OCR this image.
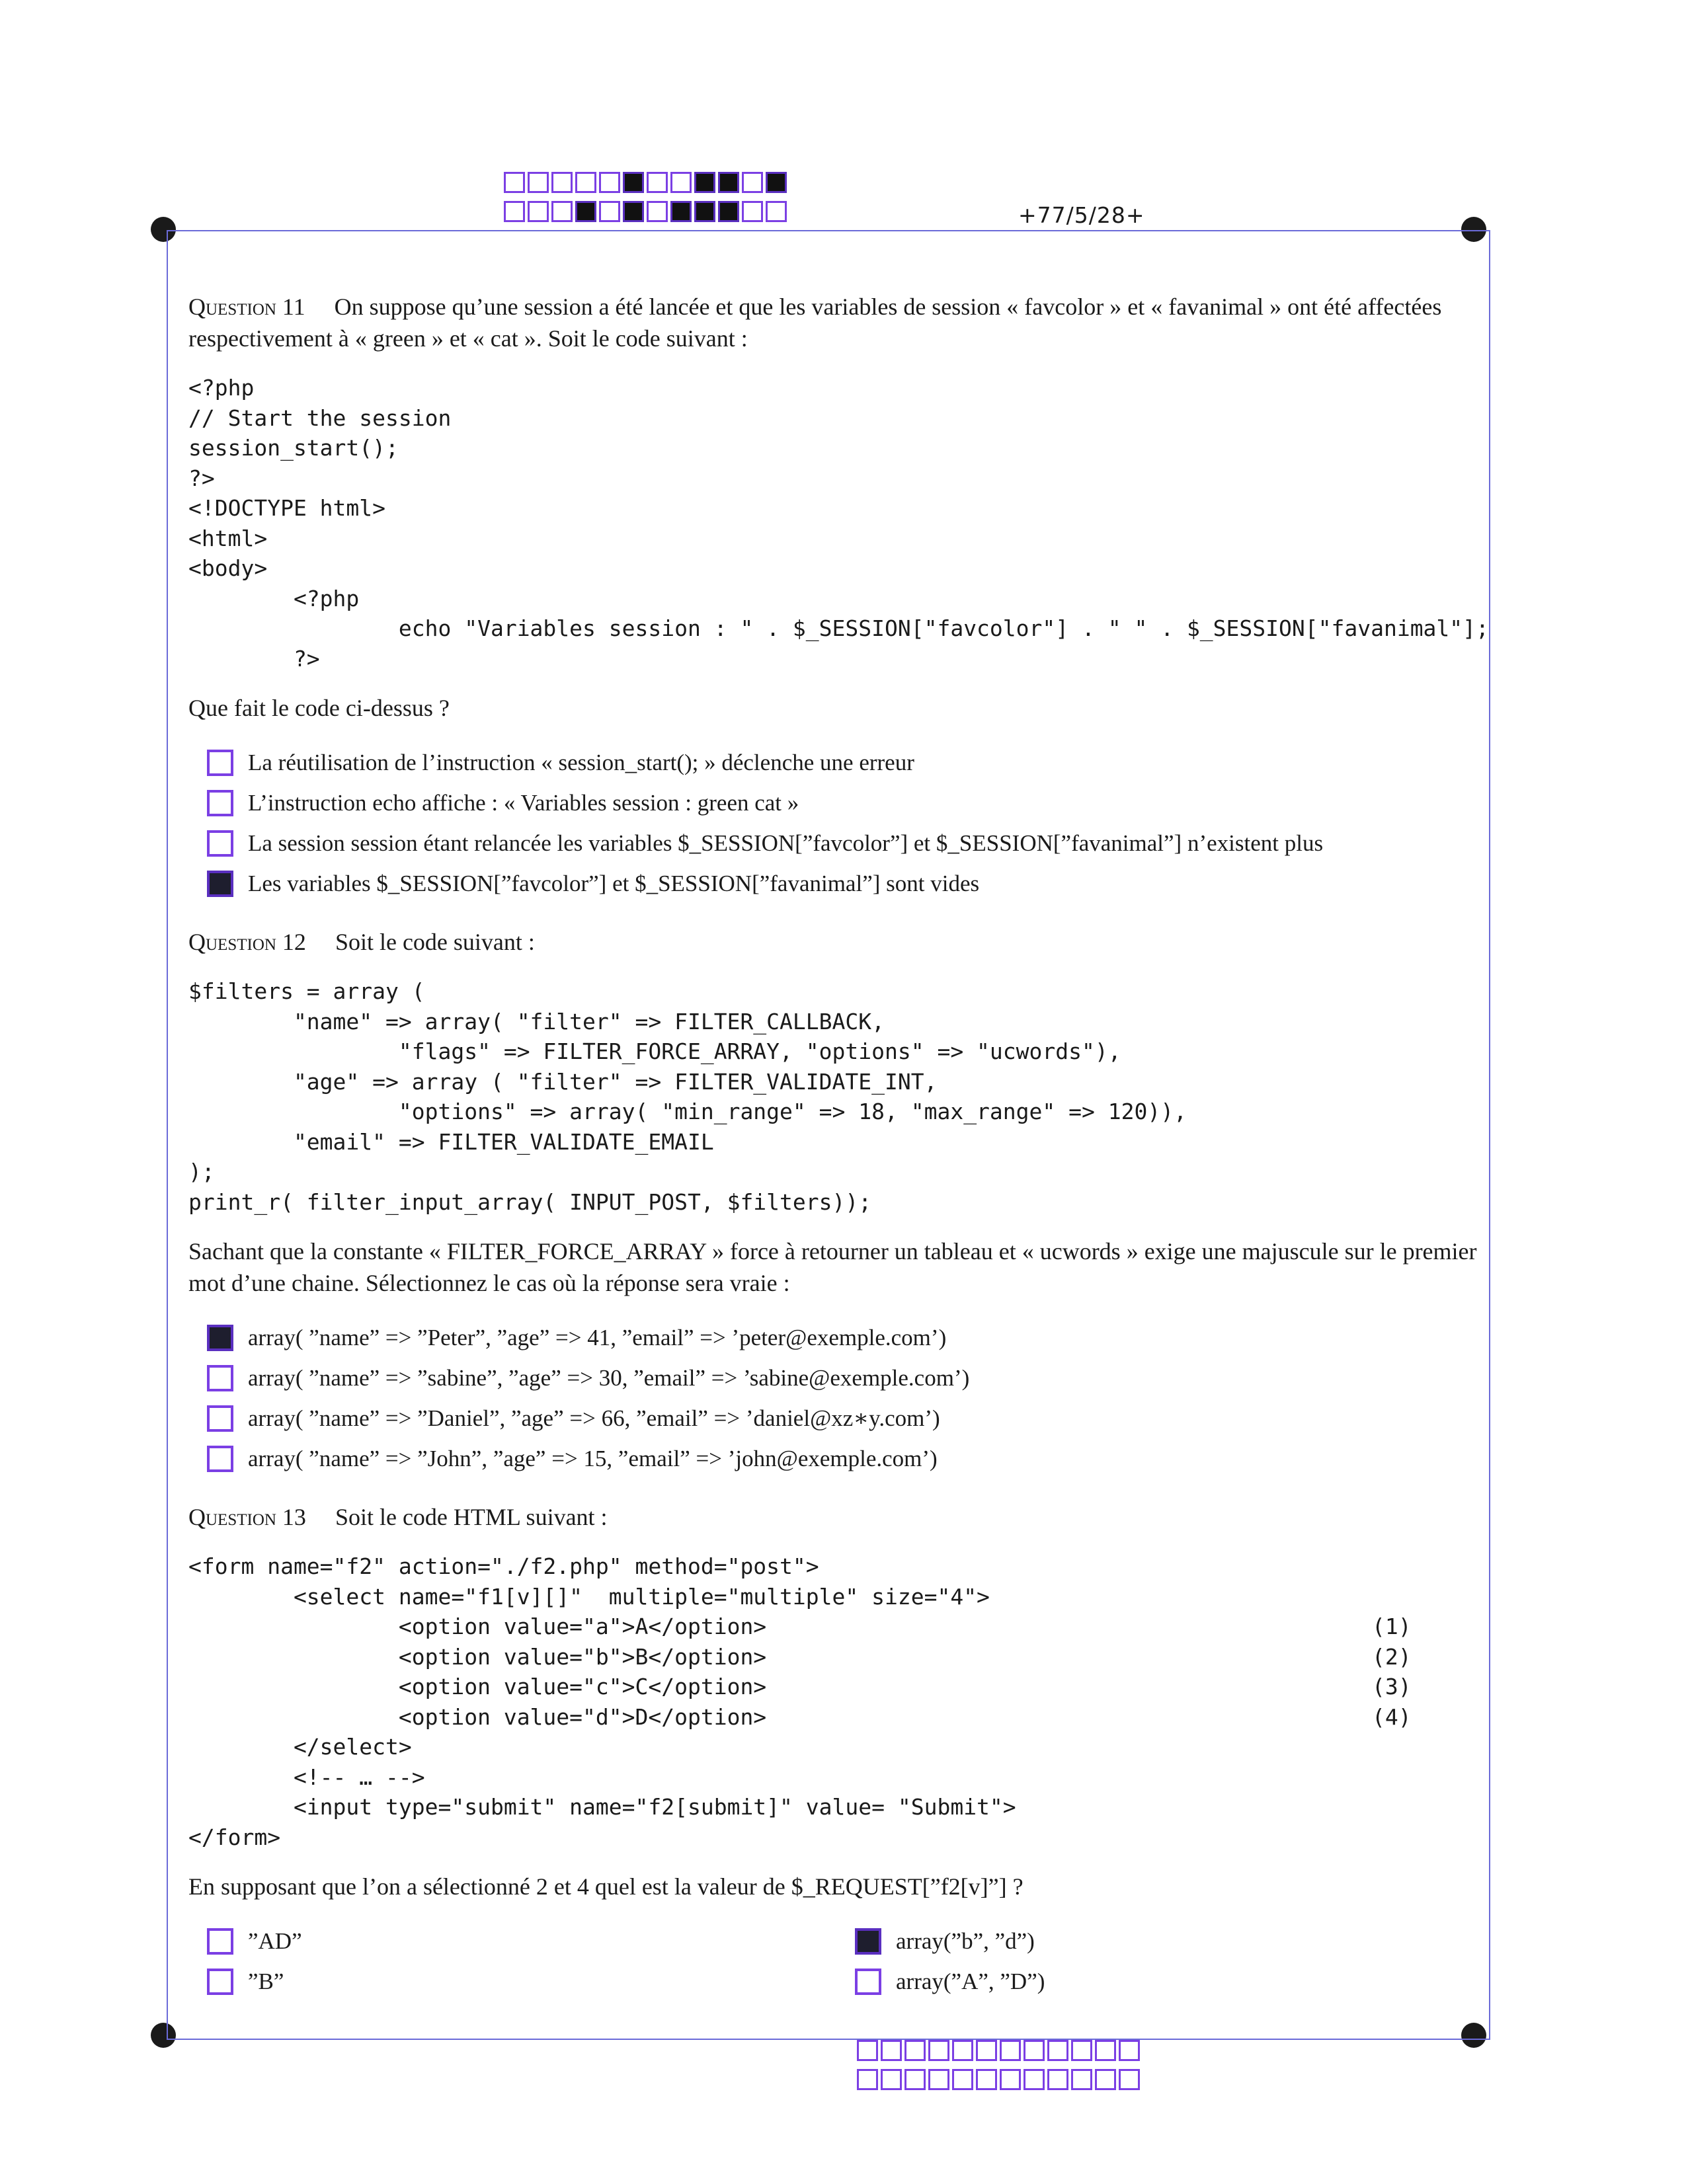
+77/5/28+

Question 11 On suppose qu’une session a été lancée et que les variables de session « favcolor » et « favanimal » ont été affectées respectivement à « green » et « cat ». Soit le code suivant :

<?php
// Start the session
session_start();
?>
<!DOCTYPE html>
<html>
<body>
<?php
echo "Variables session : " . $_SESSION["favcolor"] . " " . $_SESSION["favanimal"];
?>

Que fait le code ci-dessus ?

La réutilisation de l’instruction « session_start(); » déclenche une erreur
L’instruction echo affiche : « Variables session : green cat »
La session session étant relancée les variables $_SESSION[”favcolor”] et $_SESSION[”favanimal”] n’existent plus
Les variables $_SESSION[”favcolor”] et $_SESSION[”favanimal”] sont vides

Question 12 Soit le code suivant :

$filters = array (
"name" => array( "filter" => FILTER_CALLBACK,
"flags" => FILTER_FORCE_ARRAY, "options" => "ucwords"),
"age" => array ( "filter" => FILTER_VALIDATE_INT,
"options" => array( "min_range" => 18, "max_range" => 120)),
"email" => FILTER_VALIDATE_EMAIL
);
print_r( filter_input_array( INPUT_POST, $filters));

Sachant que la constante « FILTER_FORCE_ARRAY » force à retourner un tableau et « ucwords » exige une majuscule sur le premier mot d’une chaine. Sélectionnez le cas où la réponse sera vraie :

array( ”name” => ”Peter”, ”age” => 41, ”email” => ’peter@exemple.com’)
array( ”name” => ”sabine”, ”age” => 30, ”email” => ’sabine@exemple.com’)
array( ”name” => ”Daniel”, ”age” => 66, ”email” => ’daniel@xz∗y.com’)
array( ”name” => ”John”, ”age” => 15, ”email” => ’john@exemple.com’)

Question 13 Soit le code HTML suivant :

<form name="f2" action="./f2.php" method="post">
<select name="f1[v][]"  multiple="multiple" size="4">
<option value="a">A</option>
<option value="b">B</option>
<option value="c">C</option>
<option value="d">D</option>
</select>
<!-- … -->
<input type="submit" name="f2[submit]" value= "Submit">
</form>
(1)
(2)
(3)
(4)

En supposant que l’on a sélectionné 2 et 4 quel est la valeur de $_REQUEST[”f2[v]”] ?

”AD”	array(”b”, ”d”)
”B”	array(”A”, ”D”)
